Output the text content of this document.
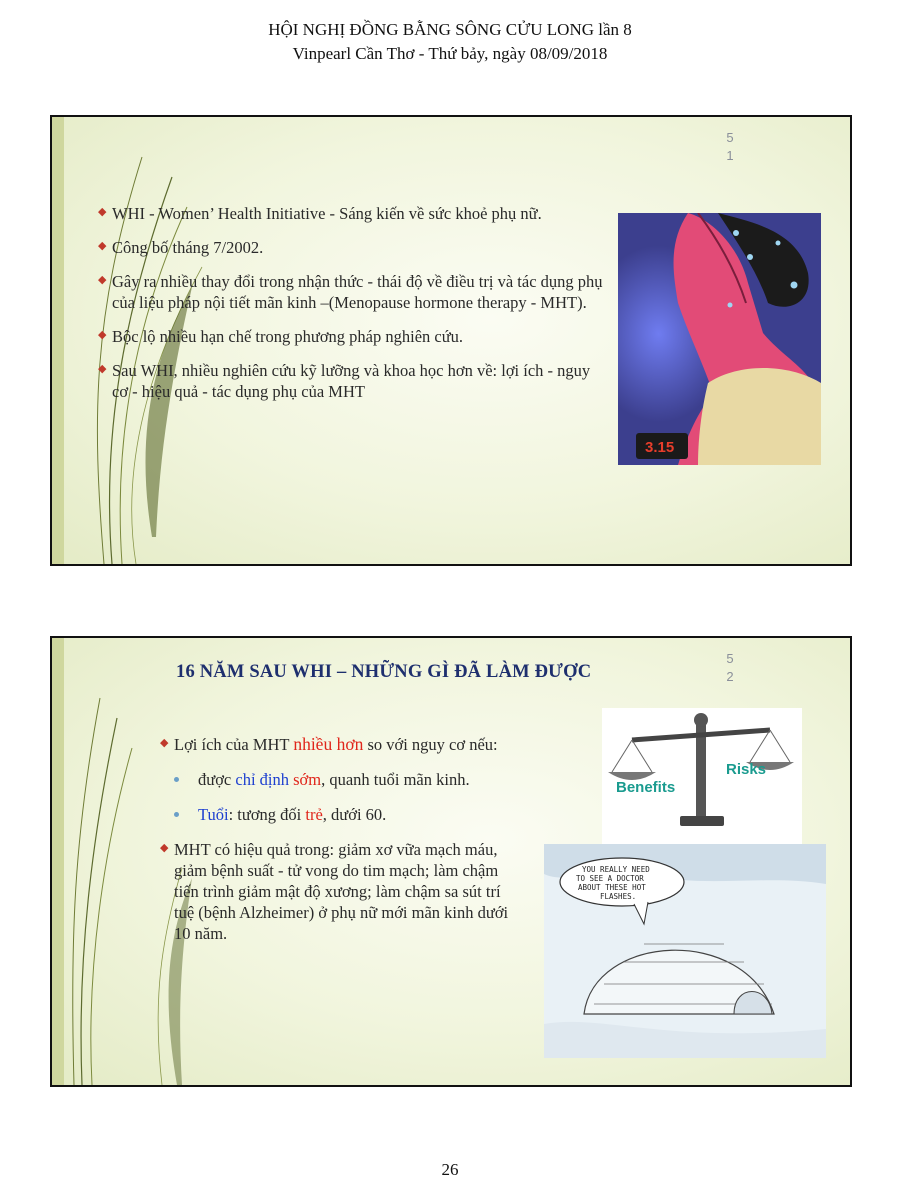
HỘI NGHỊ ĐỒNG BẰNG SÔNG CỬU LONG lần 8
Vinpearl Cần Thơ - Thứ bảy, ngày 08/09/2018
5
1
◆ WHI - Women’ Health Initiative - Sáng kiến về sức khoẻ phụ nữ.
◆ Công bố tháng 7/2002.
◆ Gây ra nhiều thay đổi trong nhận thức - thái độ về điều trị và tác dụng phụ của liệu pháp nội tiết mãn kinh –(Menopause hormone therapy - MHT).
◆ Bộc lộ nhiều hạn chế trong phương pháp nghiên cứu.
◆ Sau WHI, nhiều nghiên cứu kỹ lưỡng và khoa học hơn về: lợi ích - nguy cơ - hiệu quả - tác dụng phụ của MHT
3.15
5
2
16 NĂM SAU WHI – NHỮNG GÌ ĐÃ LÀM ĐƯỢC
◆ Lợi ích của MHT nhiều hơn so với nguy cơ nếu:
được chỉ định sớm, quanh tuổi mãn kinh.
Tuổi: tương đối trẻ, dưới 60.
◆ MHT có hiệu quả trong: giảm xơ vữa mạch máu, giảm bệnh suất - tử vong do tim mạch; làm chậm tiến trình giảm mật độ xương; làm chậm sa sút trí tuệ (bệnh Alzheimer) ở phụ nữ mới mãn kinh dưới 10 năm.
Benefits
Risks
YOU REALLY NEED
TO SEE A DOCTOR
ABOUT THESE HOT
FLASHES.
26
